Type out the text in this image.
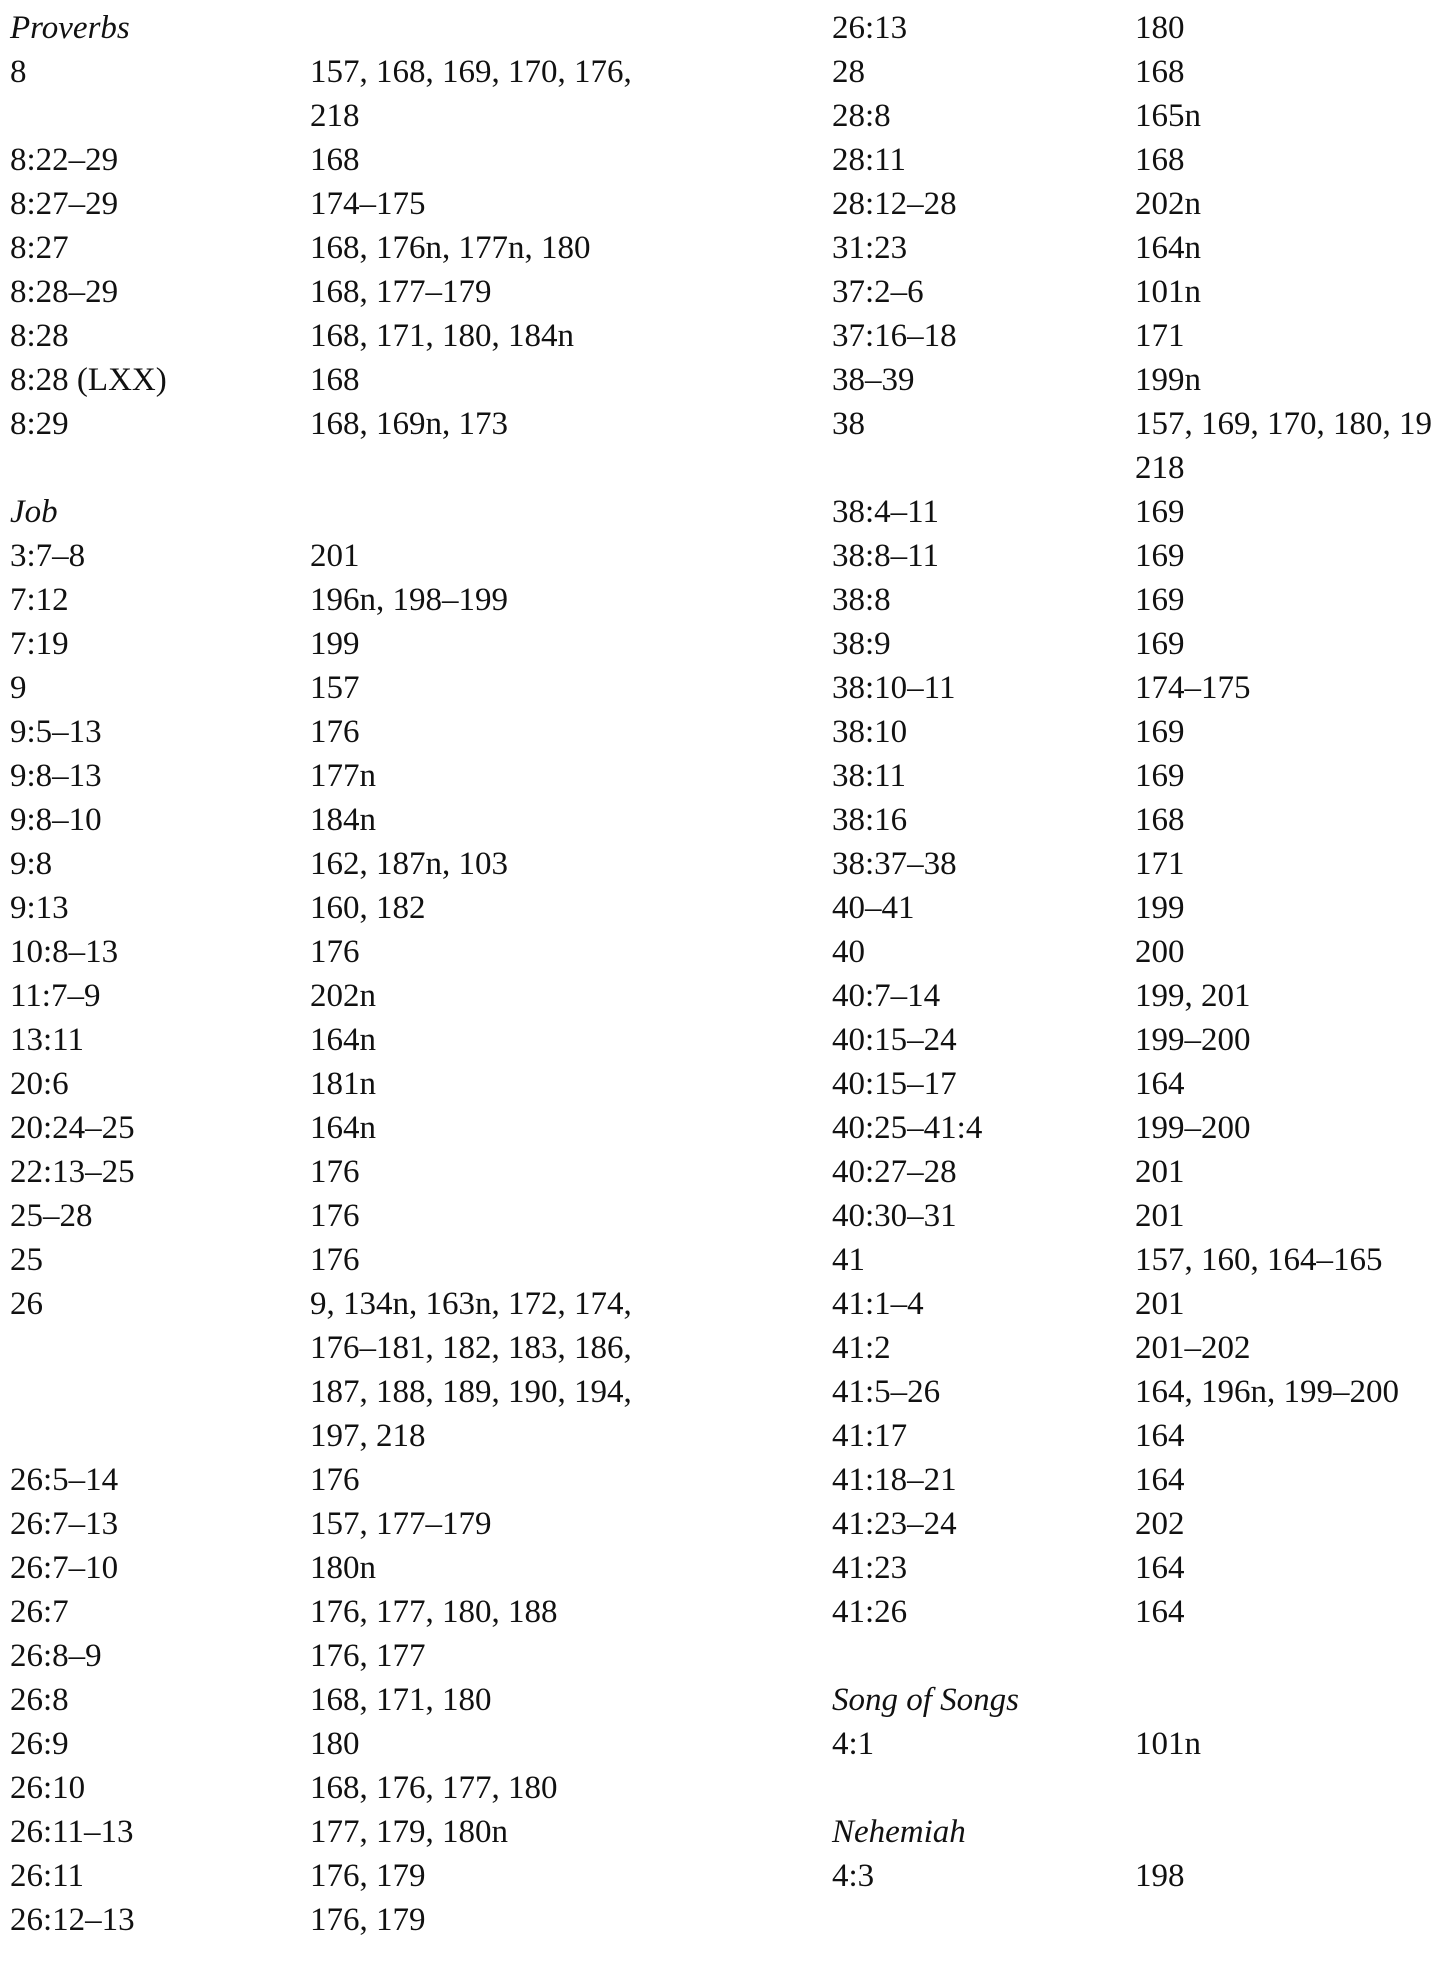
Proverbs
8	157, 168, 169, 170, 176,
218
8:22–29	168
8:27–29	174–175
8:27	168, 176n, 177n, 180
8:28–29	168, 177–179
8:28	168, 171, 180, 184n
8:28 (LXX)	168
8:29	168, 169n, 173
Job
3:7–8	201
7:12	196n, 198–199
7:19	199
9	157
9:5–13	176
9:8–13	177n
9:8–10	184n
9:8	162, 187n, 103
9:13	160, 182
10:8–13	176
11:7–9	202n
13:11	164n
20:6	181n
20:24–25	164n
22:13–25	176
25–28	176
25	176
26	9, 134n, 163n, 172, 174,
176–181, 182, 183, 186,
187, 188, 189, 190, 194,
197, 218
26:5–14	176
26:7–13	157, 177–179
26:7–10	180n
26:7	176, 177, 180, 188
26:8–9	176, 177
26:8	168, 171, 180
26:9	180
26:10	168, 176, 177, 180
26:11–13	177, 179, 180n
26:11	176, 179
26:12–13	176, 179
26:13	180
28	168
28:8	165n
28:11	168
28:12–28	202n
31:23	164n
37:2–6	101n
37:16–18	171
38–39	199n
38	157, 169, 170, 180, 19
218
38:4–11	169
38:8–11	169
38:8	169
38:9	169
38:10–11	174–175
38:10	169
38:11	169
38:16	168
38:37–38	171
40–41	199
40	200
40:7–14	199, 201
40:15–24	199–200
40:15–17	164
40:25–41:4	199–200
40:27–28	201
40:30–31	201
41	157, 160, 164–165
41:1–4	201
41:2	201–202
41:5–26	164, 196n, 199–200
41:17	164
41:18–21	164
41:23–24	202
41:23	164
41:26	164
Song of Songs
4:1	101n
Nehemiah
4:3	198
